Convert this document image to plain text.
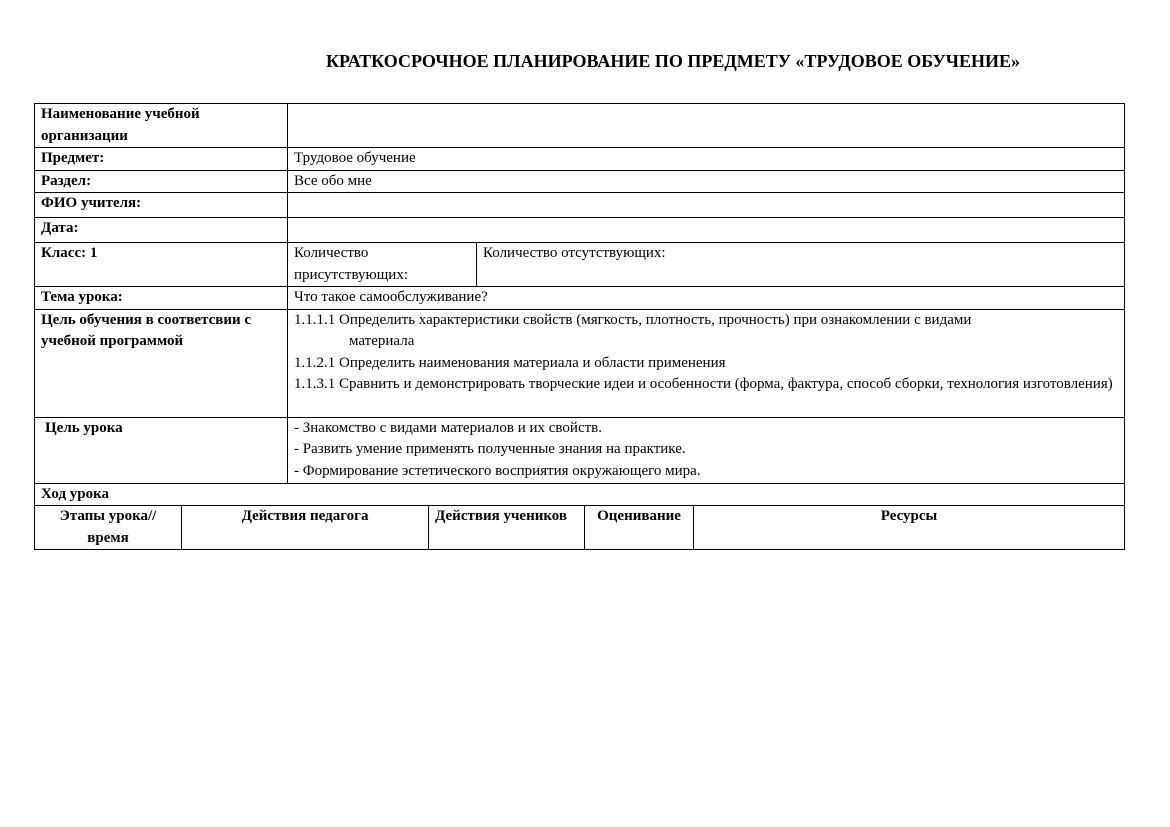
КРАТКОСРОЧНОЕ ПЛАНИРОВАНИЕ ПО ПРЕДМЕТУ «ТРУДОВОЕ ОБУЧЕНИЕ»
Наименование учебной организации						
Предмет:		Трудовое обучение				
Раздел:		Все обо мне				
ФИО учителя:						
Дата:						
Класс: 1		Количество присутствующих:		Количество отсутствующих:		
Тема урока:		Что такое самообслуживание?				
Цель обучения в соответсвии с учебной программой		1.1.1.1 Определить характеристики свойств (мягкость, плотность, прочность) при ознакомлении с видами
материала
1.1.2.1 Определить наименования материала и области применения
1.1.3.1 Сравнить и демонстрировать творческие идеи и особенности (форма, фактура, способ сборки, технология изготовления)				

Цель урока		- Знакомство с видами материалов и их свойств.
- Развить умение применять полученные знания на практике.
- Формирование эстетического восприятия окружающего мира.				

Ход урока						
Этапы урока//время	Действия педагога		Действия учеников		Оценивание	Ресурсы
